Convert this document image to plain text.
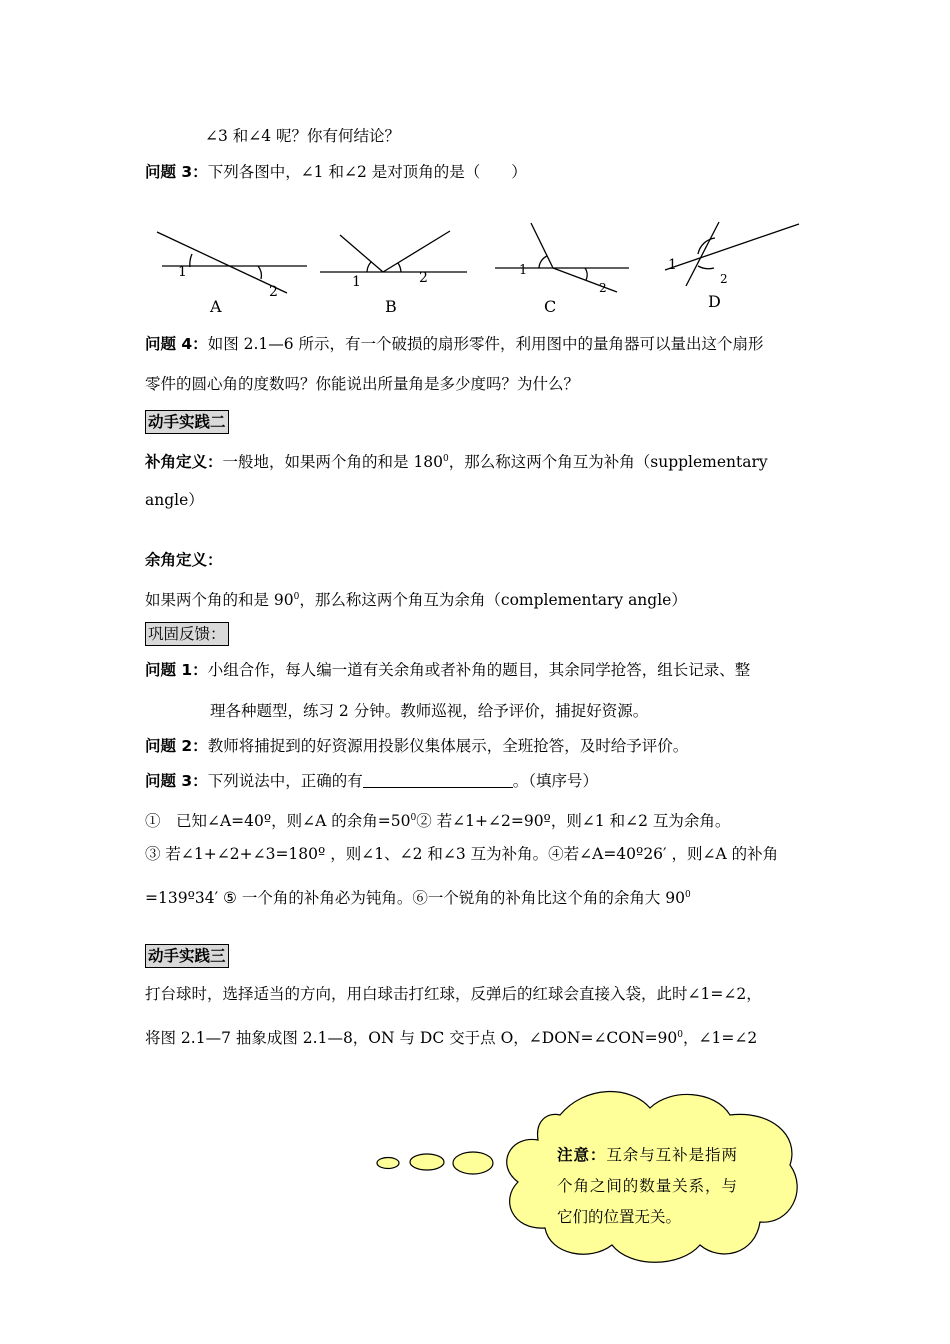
∠3 和∠4 呢？你有何结论？
问题 3：下列各图中，∠1 和∠2 是对顶角的是（　　）
1
2
A
1	2
B
1
2
C
1
2
D
问题 4：如图 2.1—6 所示，有一个破损的扇形零件，利用图中的量角器可以量出这个扇形
零件的圆心角的度数吗？你能说出所量角是多少度吗？为什么？
动手实践二
补角定义：一般地，如果两个角的和是 $180^0$，那么称这两个角互为补角（supplementary
angle）
余角定义：
如果两个角的和是 $90^0$，那么称这两个角互为余角（complementary angle）
巩固反馈：
问题 1：小组合作，每人编一道有关余角或者补角的题目，其余同学抢答，组长记录、整
理各种题型，练习 2 分钟。教师巡视，给予评价，捕捉好资源。
问题 2：教师将捕捉到的好资源用投影仪集体展示，全班抢答，及时给予评价。
问题 3：下列说法中，正确的有	。（填序号）
①　已知∠A=40º，则∠A 的余角$=50^0②$ 若∠1+∠2=90º，则∠1 和∠2 互为余角。
③ 若∠1+∠2+∠3=180º ，则∠1、∠2 和∠3 互为补角。④若∠A=40º26′ ，则∠A 的补角
=139º34′ ⑤ 一个角的补角必为钝角。⑥一个锐角的补角比这个角的余角大 $90^0$
动手实践三
打台球时，选择适当的方向，用白球击打红球，反弹后的红球会直接入袋，此时∠1=∠2，
将图 2.1—7 抽象成图 2.1—8，ON 与 DC 交于点 O，$\angle DON=\angle CON=90^0$，∠1=∠2
注意：互余与互补是指两个角之间的数量关系，与它们的位置无关。
